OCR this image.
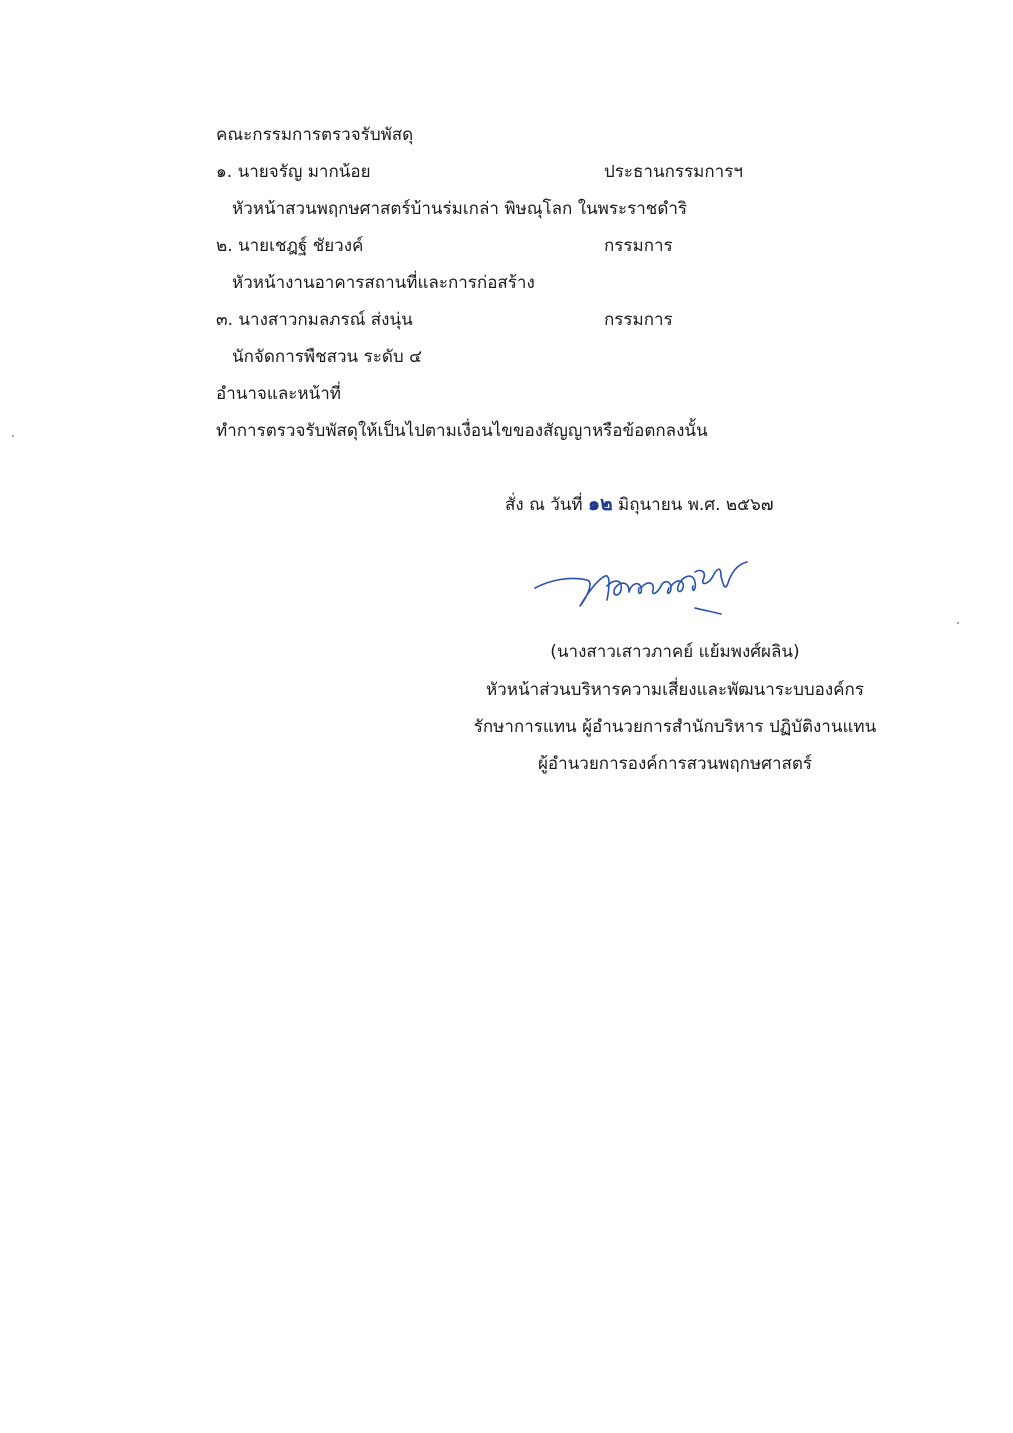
คณะกรรมการตรวจรับพัสดุ
๑. นายจรัญ มากน้อย	ประธานกรรมการฯ
หัวหน้าสวนพฤกษศาสตร์บ้านร่มเกล่า พิษณุโลก ในพระราชดำริ
๒. นายเชฎฐ์ ชัยวงค์	กรรมการ
หัวหน้างานอาคารสถานที่และการก่อสร้าง
๓. นางสาวกมลภรณ์ ส่งนุ่น	กรรมการ
นักจัดการพืชสวน ระดับ ๔
อำนาจและหน้าที่
ทำการตรวจรับพัสดุให้เป็นไปตามเงื่อนไขของสัญญาหรือข้อตกลงนั้น
สั่ง ณ วันที่ ๑๒ มิถุนายน พ.ศ. ๒๕๖๗
(นางสาวเสาวภาคย์ แย้มพงศ์ผลิน)
หัวหน้าส่วนบริหารความเสี่ยงและพัฒนาระบบองค์กร
รักษาการแทน ผู้อำนวยการสำนักบริหาร ปฏิบัติงานแทน
ผู้อำนวยการองค์การสวนพฤกษศาสตร์
